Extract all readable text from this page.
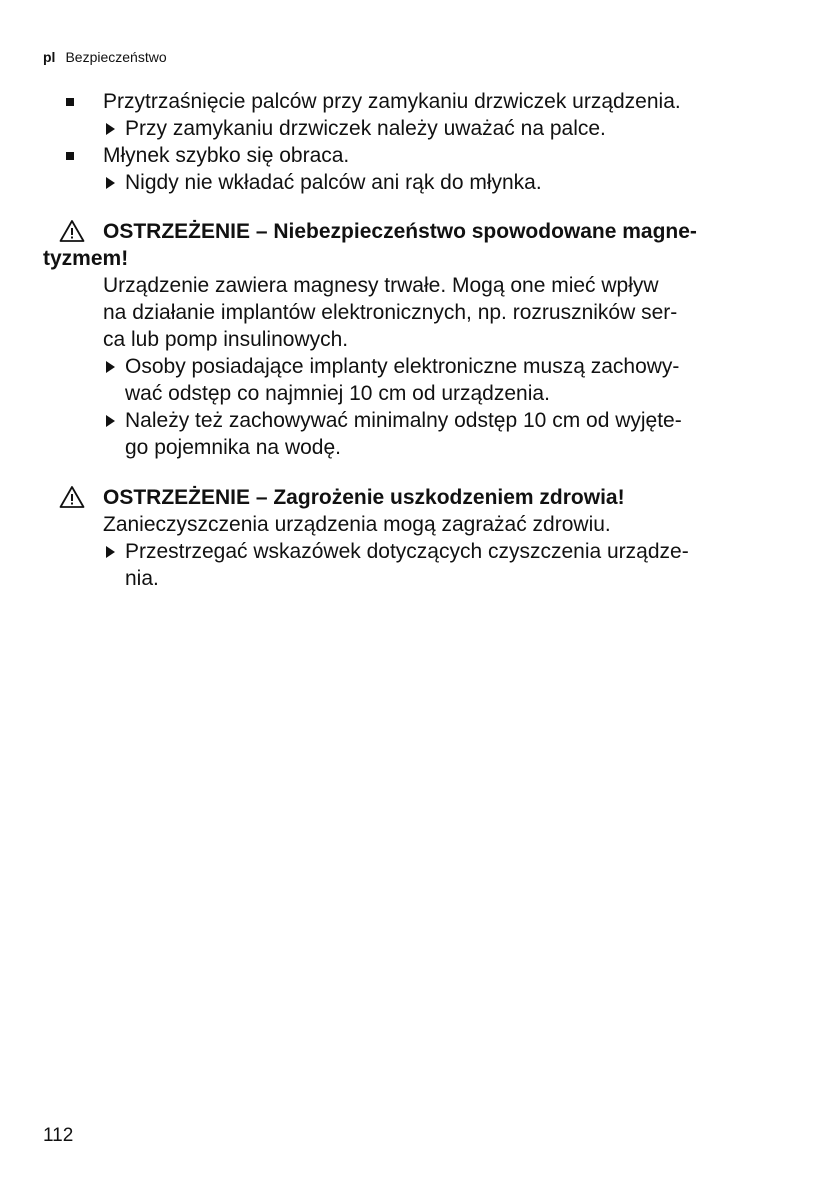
pl Bezpieczeństwo
Przytrzaśnięcie palców przy zamykaniu drzwiczek urządzenia.
Przy zamykaniu drzwiczek należy uważać na palce.
Młynek szybko się obraca.
Nigdy nie wkładać palców ani rąk do młynka.
OSTRZEŻENIE – Niebezpieczeństwo spowodowane magne-
tyzmem!
Urządzenie zawiera magnesy trwałe. Mogą one mieć wpływ
na działanie implantów elektronicznych, np. rozruszników ser-
ca lub pomp insulinowych.
Osoby posiadające implanty elektroniczne muszą zachowy-
wać odstęp co najmniej 10 cm od urządzenia.
Należy też zachowywać minimalny odstęp 10 cm od wyjęte-
go pojemnika na wodę.
OSTRZEŻENIE – Zagrożenie uszkodzeniem zdrowia!
Zanieczyszczenia urządzenia mogą zagrażać zdrowiu.
Przestrzegać wskazówek dotyczących czyszczenia urządze-
nia.
112
